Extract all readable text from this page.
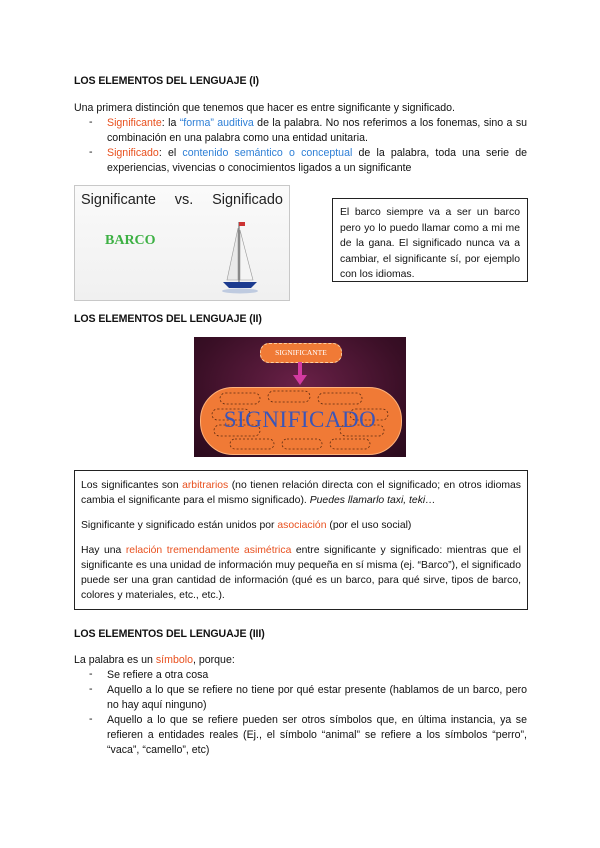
LOS ELEMENTOS DEL LENGUAJE (I)
Una primera distinción que tenemos que hacer es entre significante y significado.
- Significante: la “forma” auditiva de la palabra. No nos referimos a los fonemas, sino a su combinación en una palabra como una entidad unitaria.
- Significado: el contenido semántico o conceptual de la palabra, toda una serie de experiencias, vivencias o conocimientos ligados a un significante
Significante vs. Significado
BARCO
El barco siempre va a ser un barco pero yo lo puedo llamar como a mi me de la gana. El significado nunca va a cambiar, el significante sí, por ejemplo con los idiomas.
LOS ELEMENTOS DEL LENGUAJE (II)
SIGNIFICANTE
SIGNIFICADO
Los significantes son arbitrarios (no tienen relación directa con el significado; en otros idiomas cambia el significante para el mismo significado). Puedes llamarlo taxi, teki…
Significante y significado están unidos por asociación (por el uso social)
Hay una relación tremendamente asimétrica entre significante y significado: mientras que el significante es una unidad de información muy pequeña en sí misma (ej. “Barco”), el significado puede ser una gran cantidad de información (qué es un barco, para qué sirve, tipos de barco, colores y materiales, etc., etc.).
LOS ELEMENTOS DEL LENGUAJE (III)
La palabra es un símbolo, porque:
- Se refiere a otra cosa
- Aquello a lo que se refiere no tiene por qué estar presente (hablamos de un barco, pero no hay aquí ninguno)
- Aquello a lo que se refiere pueden ser otros símbolos que, en última instancia, ya se refieren a entidades reales (Ej., el símbolo “animal” se refiere a los símbolos “perro”, “vaca”, “camello”, etc)
